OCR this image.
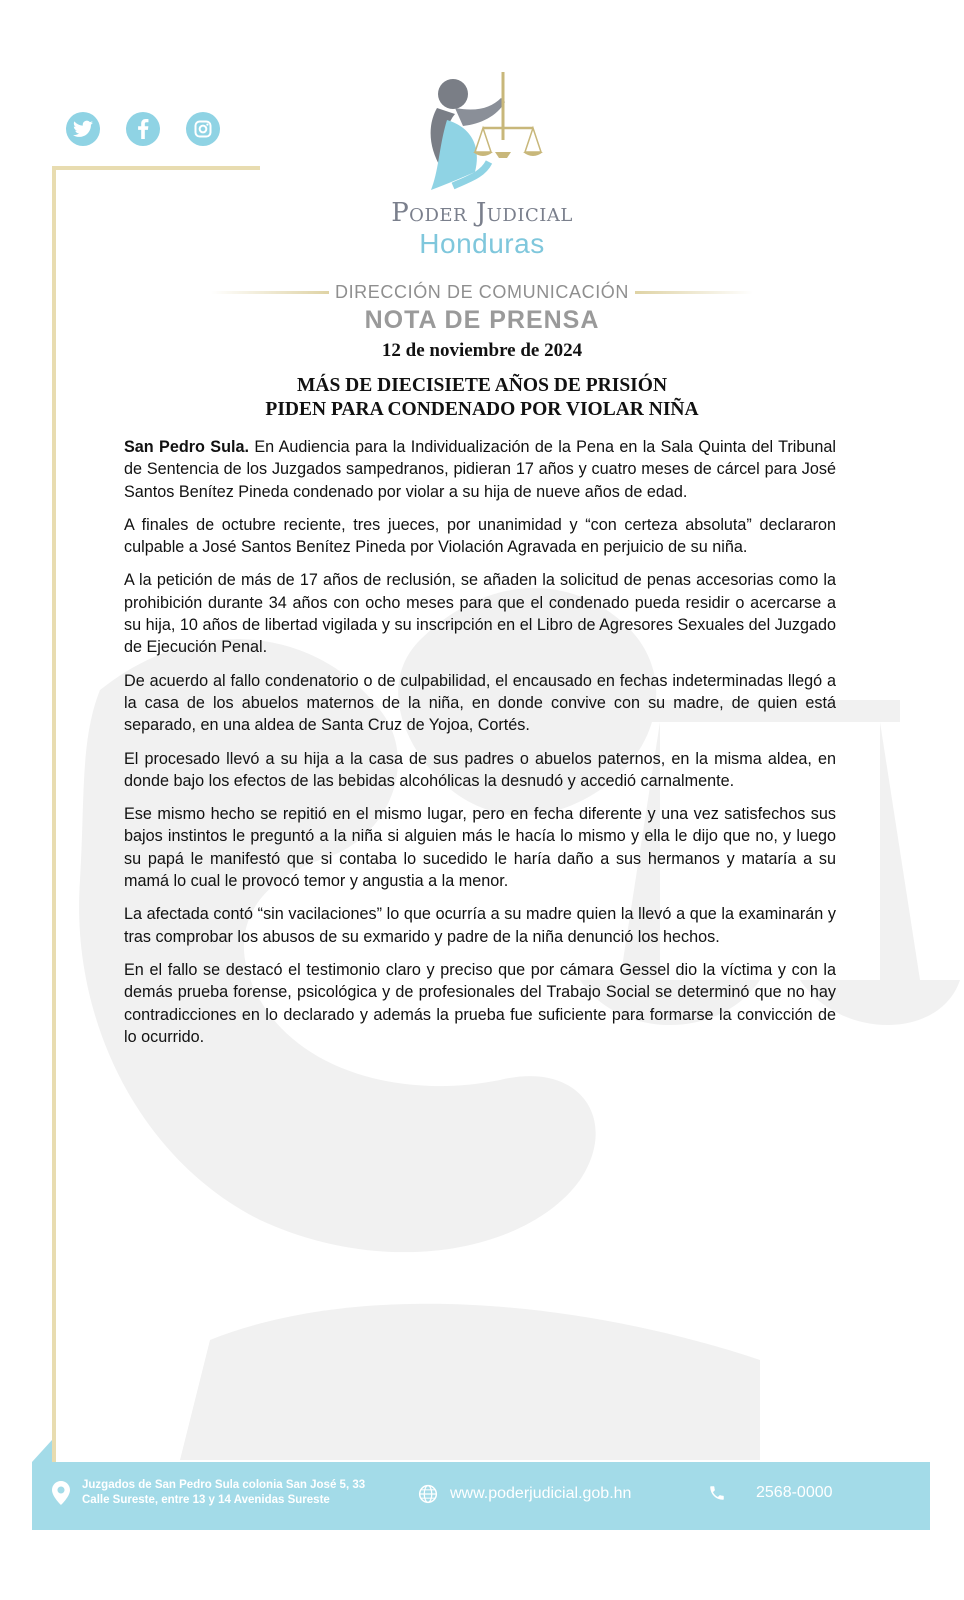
Poder Judicial
Honduras
DIRECCIÓN DE COMUNICACIÓN
NOTA DE PRENSA
12 de noviembre de 2024
MÁS DE DIECISIETE AÑOS DE PRISIÓN
PIDEN PARA CONDENADO POR VIOLAR NIÑA

San Pedro Sula. En Audiencia para la Individualización de la Pena en la Sala Quinta del Tribunal de Sentencia de los Juzgados sampedranos, pidieran 17 años y cuatro meses de cárcel para José Santos Benítez Pineda condenado por violar a su hija de nueve años de edad.

A finales de octubre reciente, tres jueces, por unanimidad y “con certeza absoluta” declararon culpable a José Santos Benítez Pineda por Violación Agravada en perjuicio de su niña.

A la petición de más de 17 años de reclusión, se añaden la solicitud de penas accesorias como la prohibición durante 34 años con ocho meses para que el condenado pueda residir o acercarse a su hija, 10 años de libertad vigilada y su inscripción en el Libro de Agresores Sexuales del Juzgado de Ejecución Penal.

De acuerdo al fallo condenatorio o de culpabilidad, el encausado en fechas indeterminadas llegó a la casa de los abuelos maternos de la niña, en donde convive con su madre, de quien está separado, en una aldea de Santa Cruz de Yojoa, Cortés.

El procesado llevó a su hija a la casa de sus padres o abuelos paternos, en la misma aldea, en donde bajo los efectos de las bebidas alcohólicas la desnudó y accedió carnalmente.

Ese mismo hecho se repitió en el mismo lugar, pero en fecha diferente y una vez satisfechos sus bajos instintos le preguntó a la niña si alguien más le hacía lo mismo y ella le dijo que no, y luego su papá le manifestó que si contaba lo sucedido le haría daño a sus hermanos y mataría a su mamá lo cual le provocó temor y angustia a la menor.

La afectada contó “sin vacilaciones” lo que ocurría a su madre quien la llevó a que la examinarán y tras comprobar los abusos de su exmarido y padre de la niña denunció los hechos.

En el fallo se destacó el testimonio claro y preciso que por cámara Gessel dio la víctima y con la demás prueba forense, psicológica y de profesionales del Trabajo Social se determinó que no hay contradicciones en lo declarado y además la prueba fue suficiente para formarse la convicción de lo ocurrido.

Juzgados de San Pedro Sula colonia San José 5, 33
Calle Sureste, entre 13 y 14 Avenidas Sureste	www.poderjudicial.gob.hn	2568-0000
